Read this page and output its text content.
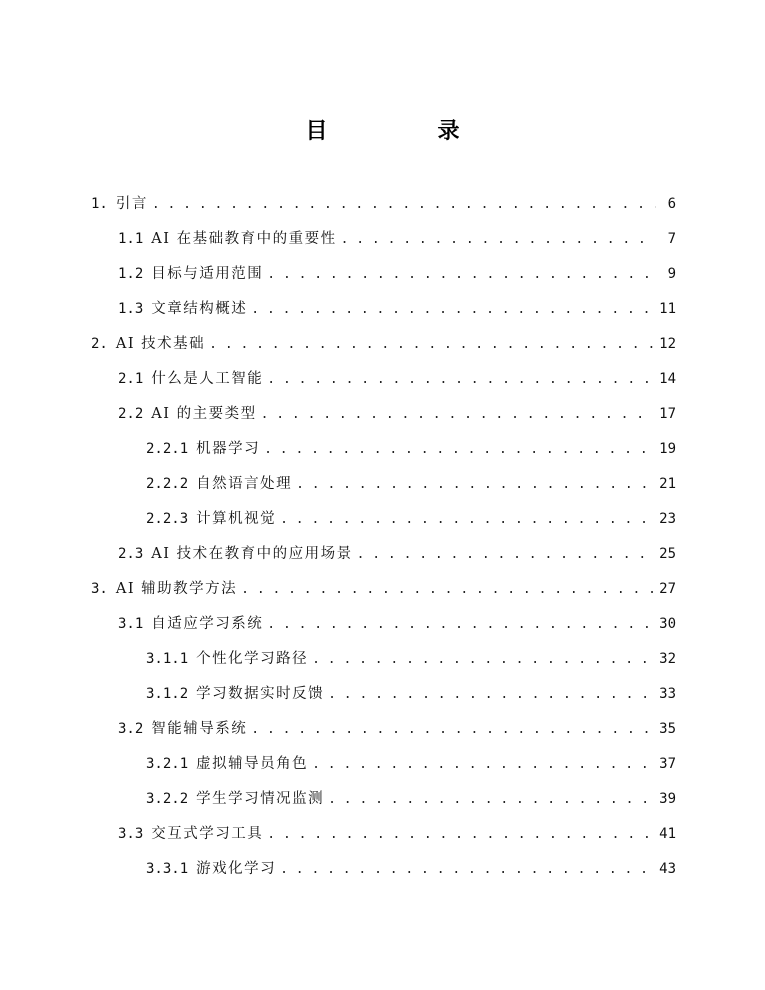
目　录
1. 引言 . . .	6
1.1 AI 在基础教育中的重要性 . . .	7
1.2 目标与适用范围 . . .	9
1.3 文章结构概述 . . .	11
2. AI 技术基础 . . .	12
2.1 什么是人工智能 . . .	14
2.2 AI 的主要类型 . . .	17
2.2.1 机器学习 . . .	19
2.2.2 自然语言处理 . . .	21
2.2.3 计算机视觉 . . .	23
2.3 AI 技术在教育中的应用场景 . . .	25
3. AI 辅助教学方法 . . .	27
3.1 自适应学习系统 . . .	30
3.1.1 个性化学习路径 . . .	32
3.1.2 学习数据实时反馈 . . .	33
3.2 智能辅导系统 . . .	35
3.2.1 虚拟辅导员角色 . . .	37
3.2.2 学生学习情况监测 . . .	39
3.3 交互式学习工具 . . .	41
3.3.1 游戏化学习 . . .	43
